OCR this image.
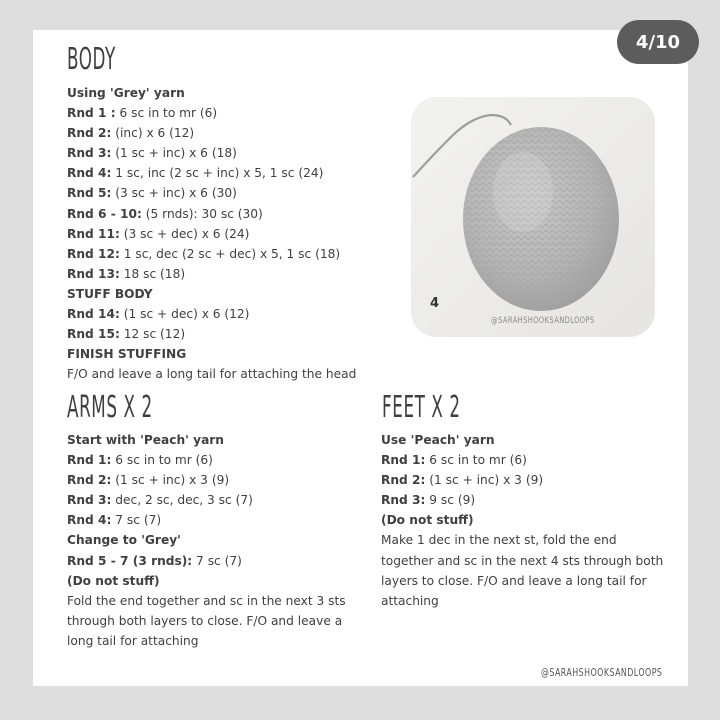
4/10
BODY
Using 'Grey' yarn
Rnd 1 : 6 sc in to mr (6)
Rnd 2: (inc) x 6 (12)
Rnd 3: (1 sc + inc) x 6 (18)
Rnd 4: 1 sc, inc (2 sc + inc) x 5, 1 sc (24)
Rnd 5: (3 sc + inc) x 6 (30)
Rnd 6 - 10: (5 rnds): 30 sc (30)
Rnd 11: (3 sc + dec) x 6 (24)
Rnd 12: 1 sc, dec (2 sc + dec) x 5, 1 sc (18)
Rnd 13: 18 sc (18)
STUFF BODY
Rnd 14: (1 sc + dec) x 6 (12)
Rnd 15: 12 sc (12)
FINISH STUFFING
F/O and leave a long tail for attaching the head
4
@SARAHSHOOKSANDLOOPS
ARMS X 2
Start with 'Peach' yarn
Rnd 1: 6 sc in to mr (6)
Rnd 2: (1 sc + inc) x 3 (9)
Rnd 3: dec, 2 sc, dec, 3 sc (7)
Rnd 4: 7 sc (7)
Change to 'Grey'
Rnd 5 - 7 (3 rnds): 7 sc (7)
(Do not stuff)
Fold the end together and sc in the next 3 sts
through both layers to close. F/O and leave a
long tail for attaching
FEET X 2
Use 'Peach' yarn
Rnd 1: 6 sc in to mr (6)
Rnd 2: (1 sc + inc) x 3 (9)
Rnd 3: 9 sc (9)
(Do not stuff)
Make 1 dec in the next st, fold the end
together and sc in the next 4 sts through both
layers to close. F/O and leave a long tail for
attaching
@SARAHSHOOKSANDLOOPS
